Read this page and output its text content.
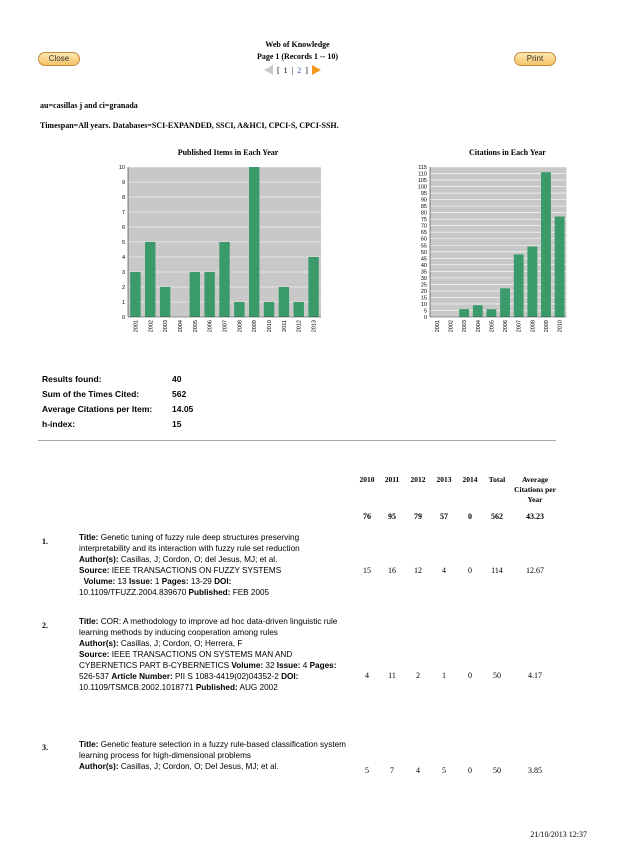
Close	Print
Web of Knowledge
Page 1 (Records 1 -- 10)
[ 1 | 2 ]
au=casillas j and ci=granada
Timespan=All years. Databases=SCI-EXPANDED, SSCI, A&HCI, CPCI-S, CPCI-SSH.
Published Items in Each Year
0
1
2
3
4
5
6
7
8
9
10
2001 2002 2003 2004 2005 2006 2007 2008 2009 2010 2011 2012 2013
Citations in Each Year
0
5
10
15
20
25
30
35
40
45
50
55
60
65
70
75
80
85
90
95
100
105
110
115
2001 2002 2003 2004 2005 2006 2007 2008 2009 2010
Results found:	40
Sum of the Times Cited:	562
Average Citations per Item: 14.05
h-index:	15
2010	2011	2012	2013	2014	Total	Average Citations per Year
76	95	79	57	0	562	43.23
1.	Title: Genetic tuning of fuzzy rule deep structures preserving interpretability and its interaction with fuzzy rule set reduction
Author(s): Casillas, J; Cordon, O; del Jesus, MJ; et al.
Source: IEEE TRANSACTIONS ON FUZZY SYSTEMS
Volume: 13 Issue: 1 Pages: 13-29 DOI:
10.1109/TFUZZ.2004.839670 Published: FEB 2005
15	16	12	4	0	114	12.67
2.	Title: COR: A methodology to improve ad hoc data-driven linguistic rule learning methods by inducing cooperation among rules
Author(s): Casillas, J; Cordon, O; Herrera, F
Source: IEEE TRANSACTIONS ON SYSTEMS MAN AND CYBERNETICS PART B-CYBERNETICS Volume: 32 Issue: 4 Pages: 526-537 Article Number: PII S 1083-4419(02)04352-2 DOI:
10.1109/TSMCB.2002.1018771 Published: AUG 2002
4	11	2	1	0	50	4.17
3.	Title: Genetic feature selection in a fuzzy rule-based classification system learning process for high-dimensional problems
Author(s): Casillas, J; Cordon, O; Del Jesus, MJ; et al.	5	7	4	5	0	50	3.85
21/10/2013 12:37
